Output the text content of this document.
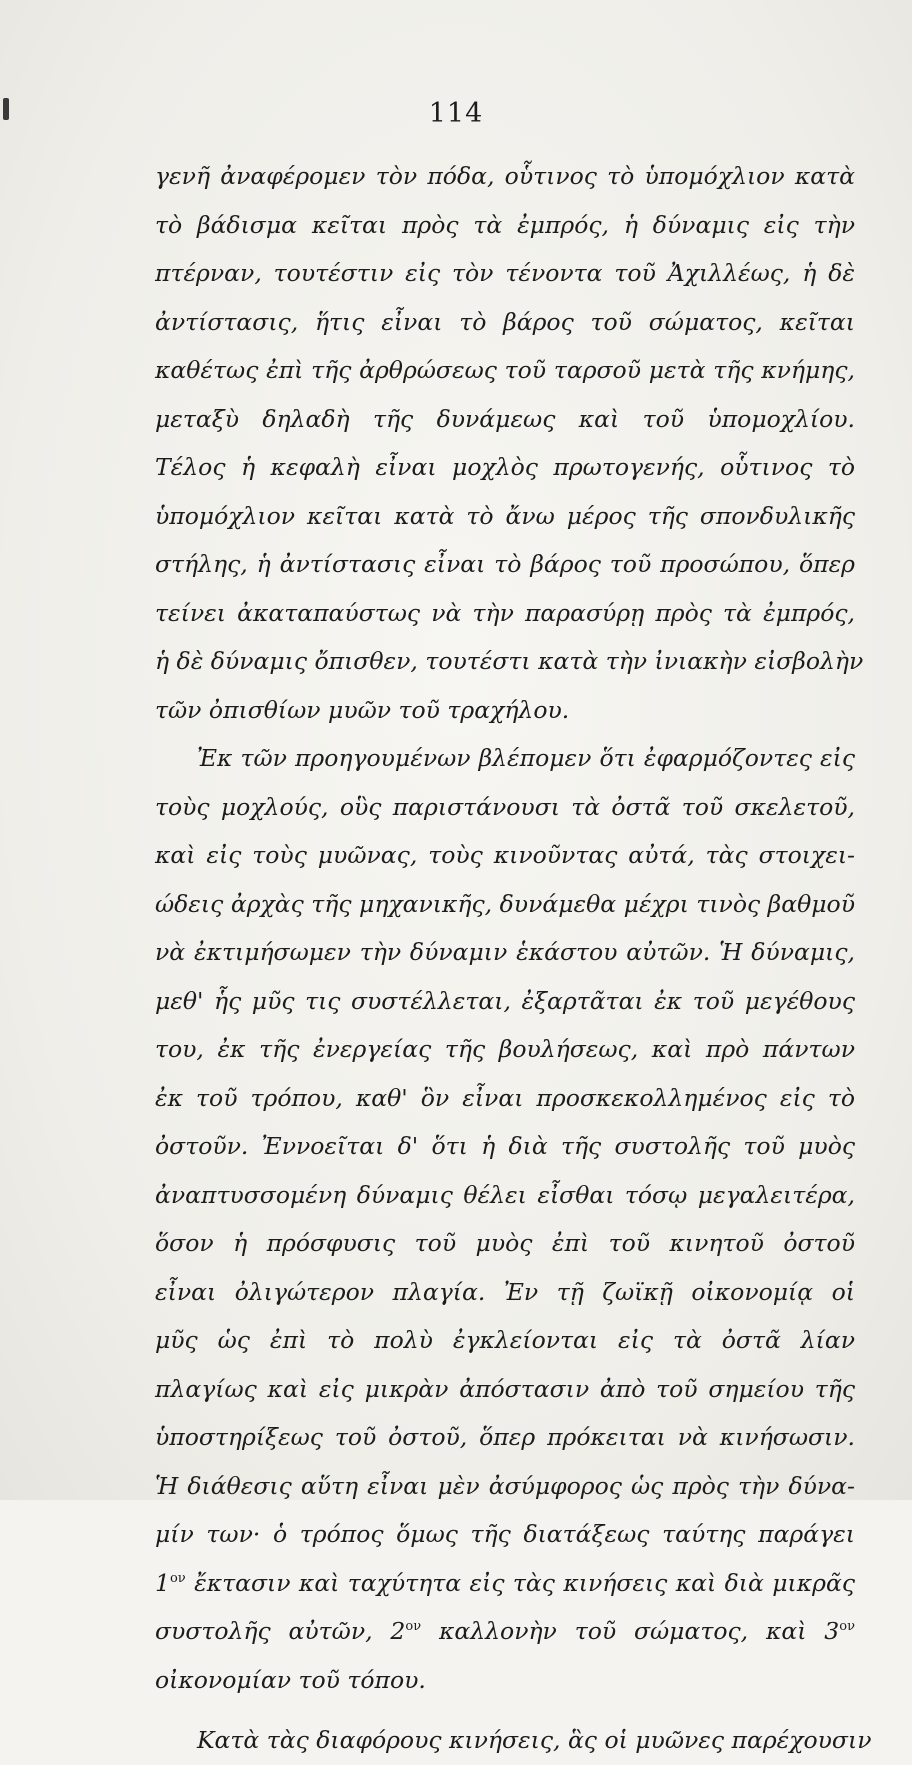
114
γενῆ ἀναφέρομεν τὸν πόδα, οὗτινος τὸ ὑπομόχλιον κατὰ
τὸ βάδισμα κεῖται πρὸς τὰ ἐμπρός, ἡ δύναμις εἰς τὴν
πτέρναν, τουτέστιν εἰς τὸν τένοντα τοῦ Ἀχιλλέως, ἡ δὲ
ἀντίστασις, ἥτις εἶναι τὸ βάρος τοῦ σώματος, κεῖται
καθέτως ἐπὶ τῆς ἀρθρώσεως τοῦ ταρσοῦ μετὰ τῆς κνήμης,
μεταξὺ δηλαδὴ τῆς δυνάμεως καὶ τοῦ ὑπομοχλίου.
Τέλος ἡ κεφαλὴ εἶναι μοχλὸς πρωτογενής, οὗτινος τὸ
ὑπομόχλιον κεῖται κατὰ τὸ ἄνω μέρος τῆς σπονδυλικῆς
στήλης, ἡ ἀντίστασις εἶναι τὸ βάρος τοῦ προσώπου, ὅπερ
τείνει ἀκαταπαύστως νὰ τὴν παρασύρῃ πρὸς τὰ ἐμπρός,
ἡ δὲ δύναμις ὄπισθεν, τουτέστι κατὰ τὴν ἰνιακὴν εἰσβολὴν
τῶν ὀπισθίων μυῶν τοῦ τραχήλου.
Ἐκ τῶν προηγουμένων βλέπομεν ὅτι ἐφαρμόζοντες εἰς
τοὺς μοχλούς, οὓς παριστάνουσι τὰ ὀστᾶ τοῦ σκελετοῦ,
καὶ εἰς τοὺς μυῶνας, τοὺς κινοῦντας αὐτά, τὰς στοιχει-
ώδεις ἀρχὰς τῆς μηχανικῆς, δυνάμεθα μέχρι τινὸς βαθμοῦ
νὰ ἐκτιμήσωμεν τὴν δύναμιν ἑκάστου αὐτῶν. Ἡ δύναμις,
μεθ' ἧς μῦς τις συστέλλεται, ἐξαρτᾶται ἐκ τοῦ μεγέθους
του, ἐκ τῆς ἐνεργείας τῆς βουλήσεως, καὶ πρὸ πάντων
ἐκ τοῦ τρόπου, καθ' ὃν εἶναι προσκεκολλημένος εἰς τὸ
ὀστοῦν. Ἐννοεῖται δ' ὅτι ἡ διὰ τῆς συστολῆς τοῦ μυὸς
ἀναπτυσσομένη δύναμις θέλει εἶσθαι τόσῳ μεγαλειτέρα,
ὅσον ἡ πρόσφυσις τοῦ μυὸς ἐπὶ τοῦ κινητοῦ ὀστοῦ
εἶναι ὀλιγώτερον πλαγία. Ἐν τῇ ζωϊκῇ οἰκονομίᾳ οἱ
μῦς ὡς ἐπὶ τὸ πολὺ ἐγκλείονται εἰς τὰ ὀστᾶ λίαν
πλαγίως καὶ εἰς μικρὰν ἀπόστασιν ἀπὸ τοῦ σημείου τῆς
ὑποστηρίξεως τοῦ ὀστοῦ, ὅπερ πρόκειται νὰ κινήσωσιν.
Ἡ διάθεσις αὕτη εἶναι μὲν ἀσύμφορος ὡς πρὸς τὴν δύνα-
μίν των· ὁ τρόπος ὅμως τῆς διατάξεως ταύτης παράγει
$1^{o\nu}$ ἔκτασιν καὶ ταχύτητα εἰς τὰς κινήσεις καὶ διὰ μικρᾶς
συστολῆς αὐτῶν, $2^{o\nu}$ καλλονὴν τοῦ σώματος, καὶ $3^{o\nu}$
οἰκονομίαν τοῦ τόπου.
Κατὰ τὰς διαφόρους κινήσεις, ἃς οἱ μυῶνες παρέχουσιν
